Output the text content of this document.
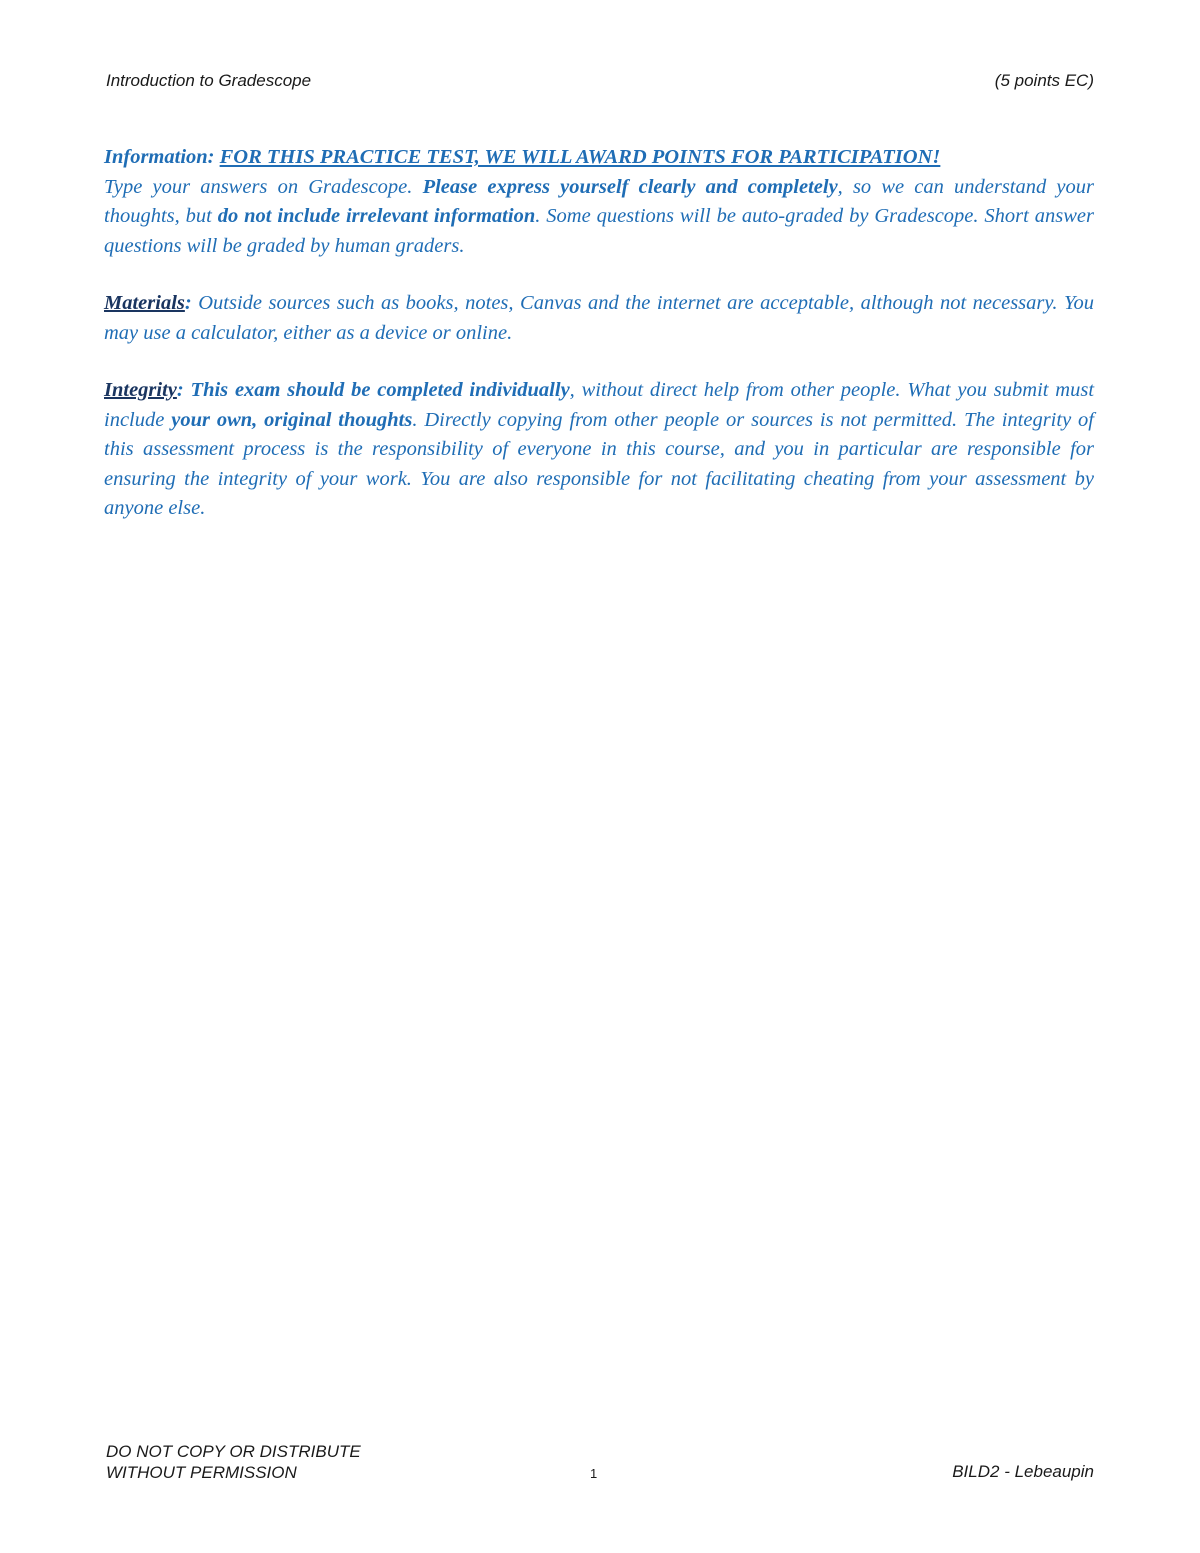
Introduction to Gradescope	(5 points EC)

Information: FOR THIS PRACTICE TEST, WE WILL AWARD POINTS FOR PARTICIPATION!
Type your answers on Gradescope. Please express yourself clearly and completely, so we can understand your thoughts, but do not include irrelevant information. Some questions will be auto-graded by Gradescope. Short answer questions will be graded by human graders.

Materials: Outside sources such as books, notes, Canvas and the internet are acceptable, although not necessary. You may use a calculator, either as a device or online.

Integrity: This exam should be completed individually, without direct help from other people. What you submit must include your own, original thoughts. Directly copying from other people or sources is not permitted. The integrity of this assessment process is the responsibility of everyone in this course, and you in particular are responsible for ensuring the integrity of your work. You are also responsible for not facilitating cheating from your assessment by anyone else.

DO NOT COPY OR DISTRIBUTE
WITHOUT PERMISSION	1	BILD2 - Lebeaupin
